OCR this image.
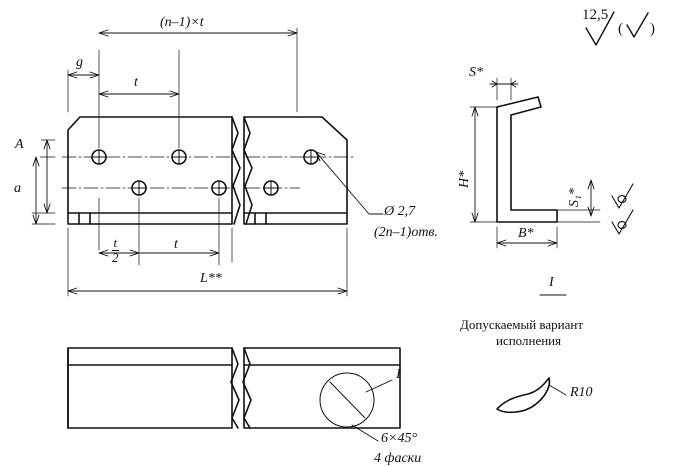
12,5
( )
(n–1)×t
g
t
a
A
$\frac{t}{2}$	t
L**
Ø 2,7
(2n–1)отв.
S*
H*
S₁*
B*
I
Допускаемый вариант
исполнения
R10
I
6×45°
4 фаски
